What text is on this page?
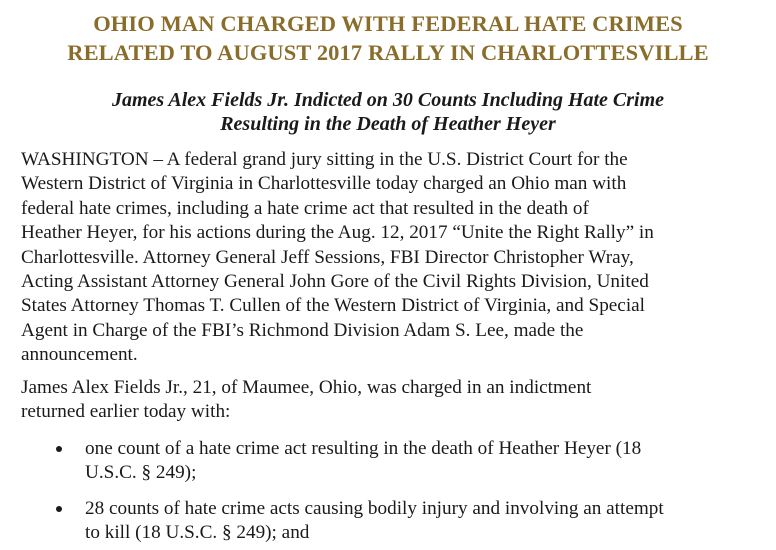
OHIO MAN CHARGED WITH FEDERAL HATE CRIMES
RELATED TO AUGUST 2017 RALLY IN CHARLOTTESVILLE
James Alex Fields Jr. Indicted on 30 Counts Including Hate Crime
Resulting in the Death of Heather Heyer

WASHINGTON – A federal grand jury sitting in the U.S. District Court for the
Western District of Virginia in Charlottesville today charged an Ohio man with
federal hate crimes, including a hate crime act that resulted in the death of
Heather Heyer, for his actions during the Aug. 12, 2017 “Unite the Right Rally” in
Charlottesville. Attorney General Jeff Sessions, FBI Director Christopher Wray,
Acting Assistant Attorney General John Gore of the Civil Rights Division, United
States Attorney Thomas T. Cullen of the Western District of Virginia, and Special
Agent in Charge of the FBI’s Richmond Division Adam S. Lee, made the
announcement.

James Alex Fields Jr., 21, of Maumee, Ohio, was charged in an indictment
returned earlier today with:

one count of a hate crime act resulting in the death of Heather Heyer (18
U.S.C. § 249);
28 counts of hate crime acts causing bodily injury and involving an attempt
to kill (18 U.S.C. § 249); and
